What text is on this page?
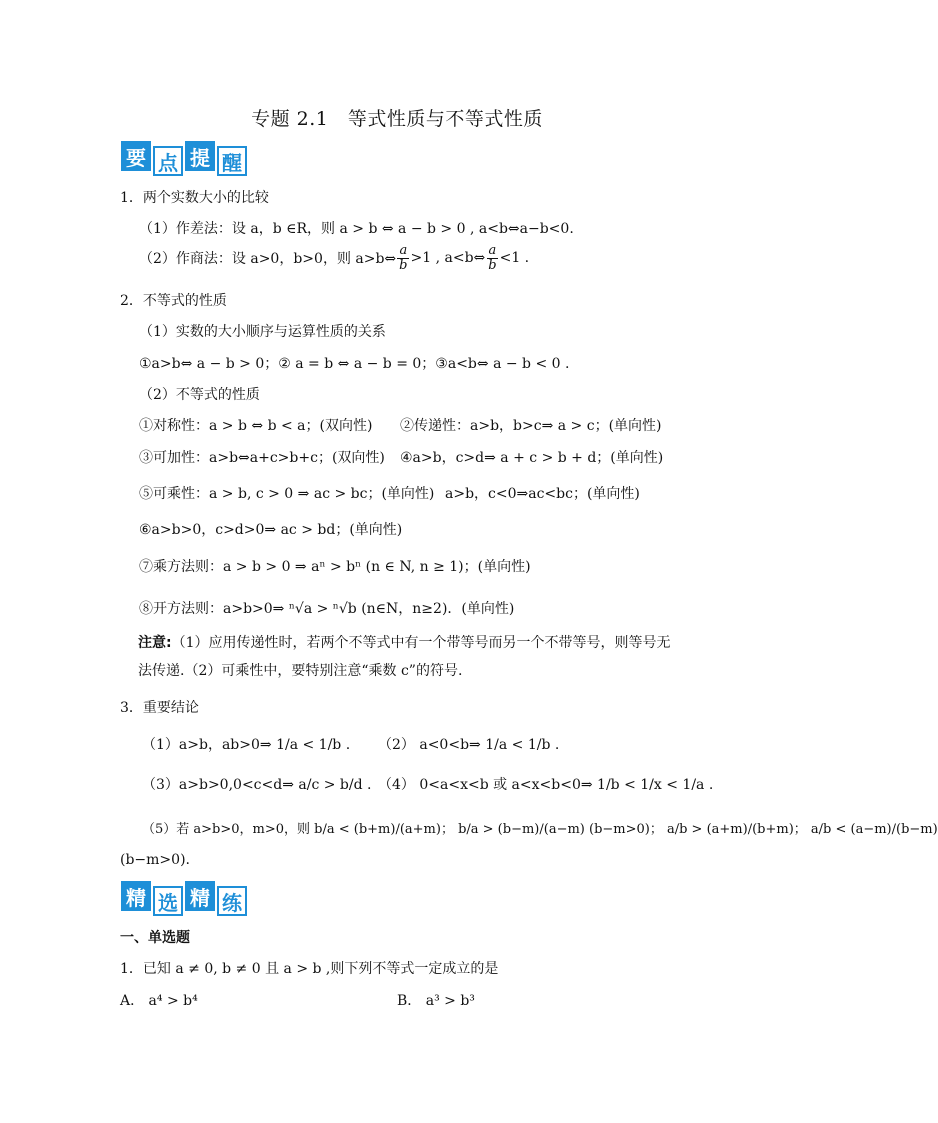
专题 2.1　等式性质与不等式性质
要 点 提 醒
1．两个实数大小的比较
（1）作差法：设 a，b ∈R，则 a > b ⇔ a − b > 0 , a<b⇔a−b<0.
（2）作商法：设 a>0，b>0，则 a>b⇔ $\frac{a}{b} >1$ , a<b⇔ $\frac{a}{b} <1$ .
2．不等式的性质
（1）实数的大小顺序与运算性质的关系
①a>b⇔ a − b > 0；② a = b ⇔ a − b = 0；③a<b⇔ a − b < 0 .
（2）不等式的性质
①对称性：a > b ⇔ b < a；(双向性) ②传递性：a>b，b>c⇒ a > c；(单向性)
③可加性：a>b⇔a+c>b+c；(双向性) ④a>b，c>d⇒ a + c > b + d；(单向性)
⑤可乘性：a > b, c > 0 ⇒ ac > bc；(单向性) a>b，c<0⇒ac<bc；(单向性)
⑥a>b>0，c>d>0⇒ ac > bd；(单向性)
⑦乘方法则：a > b > 0 ⇒ aⁿ > bⁿ (n ∈ N, n ≥ 1)；(单向性)
⑧开方法则：a>b>0⇒ ⁿ√a > ⁿ√b (n∈N，n≥2)．(单向性)
注意:（1）应用传递性时，若两个不等式中有一个带等号而另一个不带等号，则等号无法传递.（2）可乘性中，要特别注意“乘数 c”的符号.
3．重要结论
（1）a>b，ab>0⇒ 1/a < 1/b . （2） a<0<b⇒ 1/a < 1/b .
（3）a>b>0,0<c<d⇒ a/c > b/d . （4） 0<a<x<b 或 a<x<b<0⇒ 1/b < 1/x < 1/a .
（5）若 a>b>0，m>0，则 b/a < (b+m)/(a+m)； b/a > (b−m)/(a−m) (b−m>0)； a/b > (a+m)/(b+m)； a/b < (a−m)/(b−m)
(b−m>0).
精 选 精 练
一、单选题
1．已知 a ≠ 0, b ≠ 0 且 a > b ,则下列不等式一定成立的是
A． a⁴ > b⁴	B． a³ > b³
